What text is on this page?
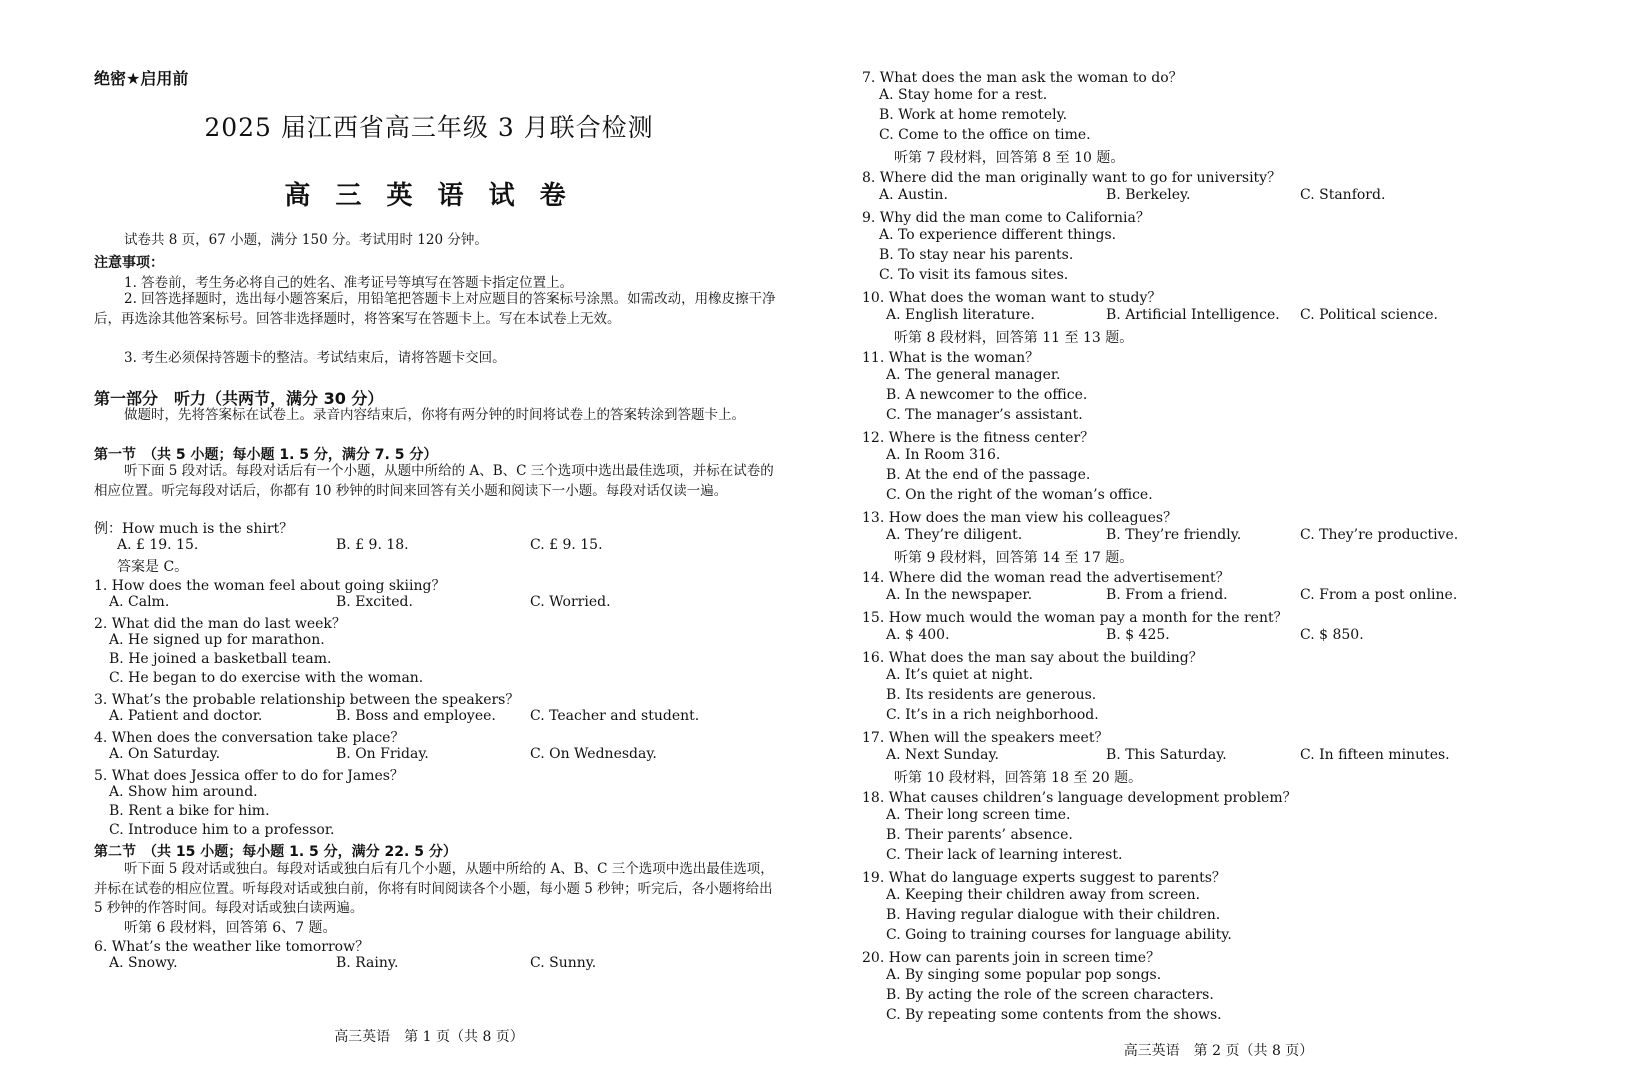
绝密★启用前
2025 届江西省高三年级 3 月联合检测
高 三 英 语 试 卷
试卷共 8 页，67 小题，满分 150 分。考试用时 120 分钟。
注意事项：
1. 答卷前，考生务必将自己的姓名、准考证号等填写在答题卡指定位置上。
2. 回答选择题时，选出每小题答案后，用铅笔把答题卡上对应题目的答案标号涂黑。如需改动，用橡皮擦干净后，再选涂其他答案标号。回答非选择题时，将答案写在答题卡上。写在本试卷上无效。
3. 考生必须保持答题卡的整洁。考试结束后，请将答题卡交回。
第一部分　听力（共两节，满分 30 分）
做题时，先将答案标在试卷上。录音内容结束后，你将有两分钟的时间将试卷上的答案转涂到答题卡上。
第一节　（共 5 小题；每小题 1. 5 分，满分 7. 5 分）
听下面 5 段对话。每段对话后有一个小题，从题中所给的 A、B、C 三个选项中选出最佳选项，并标在试卷的相应位置。听完每段对话后，你都有 10 秒钟的时间来回答有关小题和阅读下一小题。每段对话仅读一遍。
例：How much is the shirt？
A. £ 19. 15.	B. £ 9. 18.	C. £ 9. 15.
答案是 C。
1. How does the woman feel about going skiing？
A. Calm.	B. Excited.	C. Worried.
2. What did the man do last week？
A. He signed up for marathon.
B. He joined a basketball team.
C. He began to do exercise with the woman.
3. What’s the probable relationship between the speakers？
A. Patient and doctor.	B. Boss and employee. C. Teacher and student.
4. When does the conversation take place？
A. On Saturday.	B. On Friday.	C. On Wednesday.
5. What does Jessica offer to do for James？
A. Show him around.
B. Rent a bike for him.
C. Introduce him to a professor.
第二节　（共 15 小题；每小题 1. 5 分，满分 22. 5 分）
听下面 5 段对话或独白。每段对话或独白后有几个小题，从题中所给的 A、B、C 三个选项中选出最佳选项，并标在试卷的相应位置。听每段对话或独白前，你将有时间阅读各个小题，每小题 5 秒钟；听完后，各小题将给出 5 秒钟的作答时间。每段对话或独白读两遍。
听第 6 段材料，回答第 6、7 题。
6. What’s the weather like tomorrow？
A. Snowy.	B. Rainy.	C. Sunny.
高三英语　第 1 页（共 8 页）
7. What does the man ask the woman to do？
A. Stay home for a rest.
B. Work at home remotely.
C. Come to the office on time.
听第 7 段材料，回答第 8 至 10 题。
8. Where did the man originally want to go for university？
A. Austin.	B. Berkeley.	C. Stanford.
9. Why did the man come to California？
A. To experience different things.
B. To stay near his parents.
C. To visit its famous sites.
10. What does the woman want to study？
A. English literature.	B. Artificial Intelligence. C. Political science.
听第 8 段材料，回答第 11 至 13 题。
11. What is the woman？
A. The general manager.
B. A newcomer to the office.
C. The manager’s assistant.
12. Where is the fitness center？
A. In Room 316.
B. At the end of the passage.
C. On the right of the woman’s office.
13. How does the man view his colleagues？
A. They’re diligent.	B. They’re friendly.	C. They’re productive.
听第 9 段材料，回答第 14 至 17 题。
14. Where did the woman read the advertisement？
A. In the newspaper.	B. From a friend.	C. From a post online.
15. How much would the woman pay a month for the rent？
A. $ 400.	B. $ 425.	C. $ 850.
16. What does the man say about the building？
A. It’s quiet at night.
B. Its residents are generous.
C. It’s in a rich neighborhood.
17. When will the speakers meet？
A. Next Sunday.	B. This Saturday.	C. In fifteen minutes.
听第 10 段材料，回答第 18 至 20 题。
18. What causes children’s language development problem？
A. Their long screen time.
B. Their parents’ absence.
C. Their lack of learning interest.
19. What do language experts suggest to parents？
A. Keeping their children away from screen.
B. Having regular dialogue with their children.
C. Going to training courses for language ability.
20. How can parents join in screen time？
A. By singing some popular pop songs.
B. By acting the role of the screen characters.
C. By repeating some contents from the shows.
高三英语　第 2 页（共 8 页）
